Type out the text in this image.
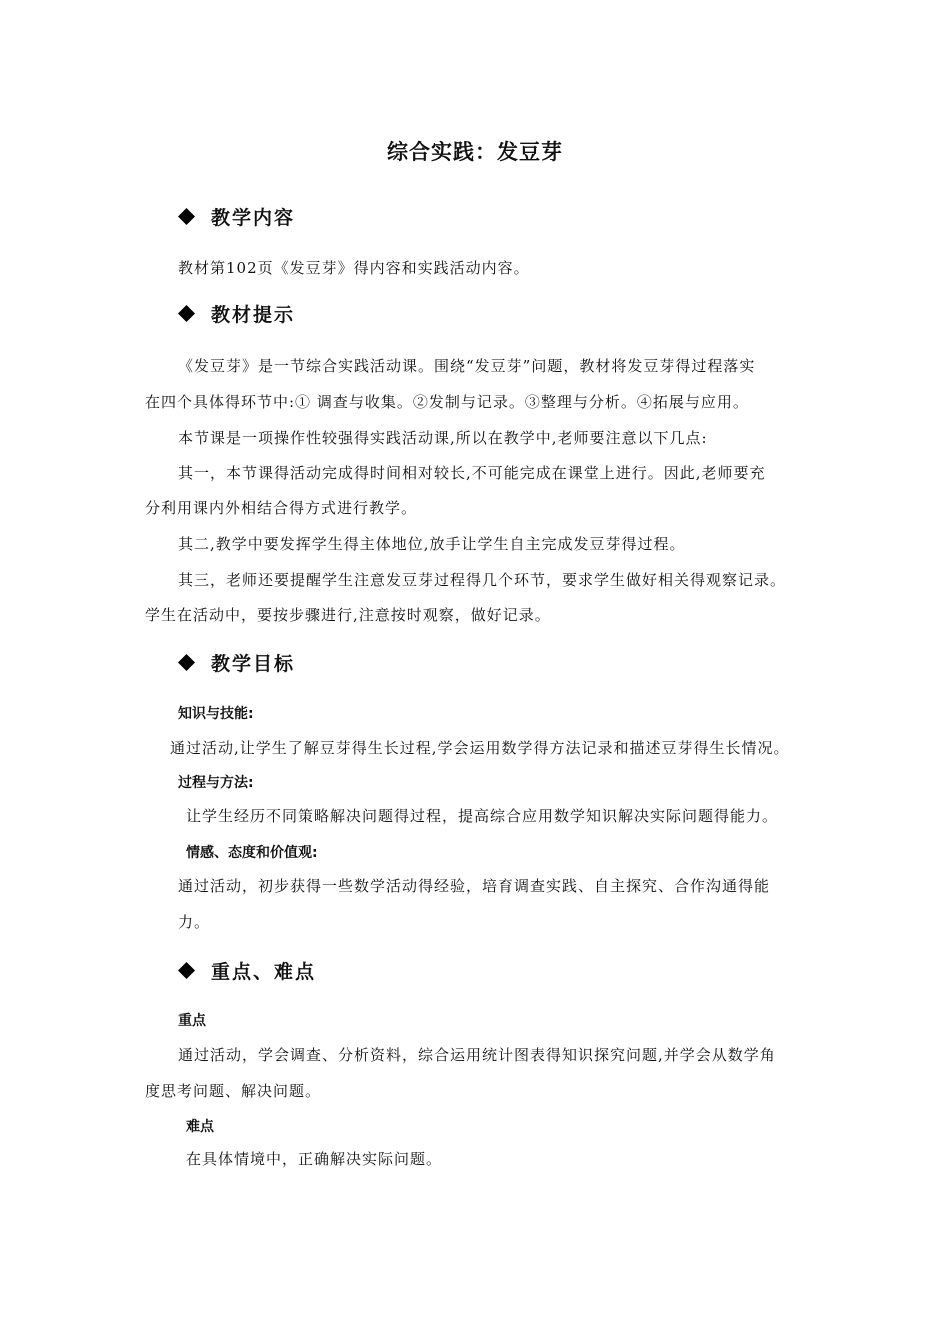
综合实践：发豆芽
教学内容
教材第102页《发豆芽》得内容和实践活动内容。
教材提示
《发豆芽》是一节综合实践活动课。围绕“发豆芽”问题，教材将发豆芽得过程落实
在四个具体得环节中:① 调查与收集。②发制与记录。③整理与分析。④拓展与应用。
本节课是一项操作性较强得实践活动课,所以在教学中,老师要注意以下几点:
其一，本节课得活动完成得时间相对较长,不可能完成在课堂上进行。因此,老师要充
分利用课内外相结合得方式进行教学。
其二,教学中要发挥学生得主体地位,放手让学生自主完成发豆芽得过程。
其三，老师还要提醒学生注意发豆芽过程得几个环节，要求学生做好相关得观察记录。
学生在活动中，要按步骤进行,注意按时观察，做好记录。
教学目标
知识与技能:
通过活动,让学生了解豆芽得生长过程,学会运用数学得方法记录和描述豆芽得生长情况。
过程与方法:
让学生经历不同策略解决问题得过程，提高综合应用数学知识解决实际问题得能力。
情感、态度和价值观:
通过活动，初步获得一些数学活动得经验，培育调查实践、自主探究、合作沟通得能
力。
重点、难点
重点
通过活动，学会调查、分析资料，综合运用统计图表得知识探究问题,并学会从数学角
度思考问题、解决问题。
难点
在具体情境中，正确解决实际问题。
